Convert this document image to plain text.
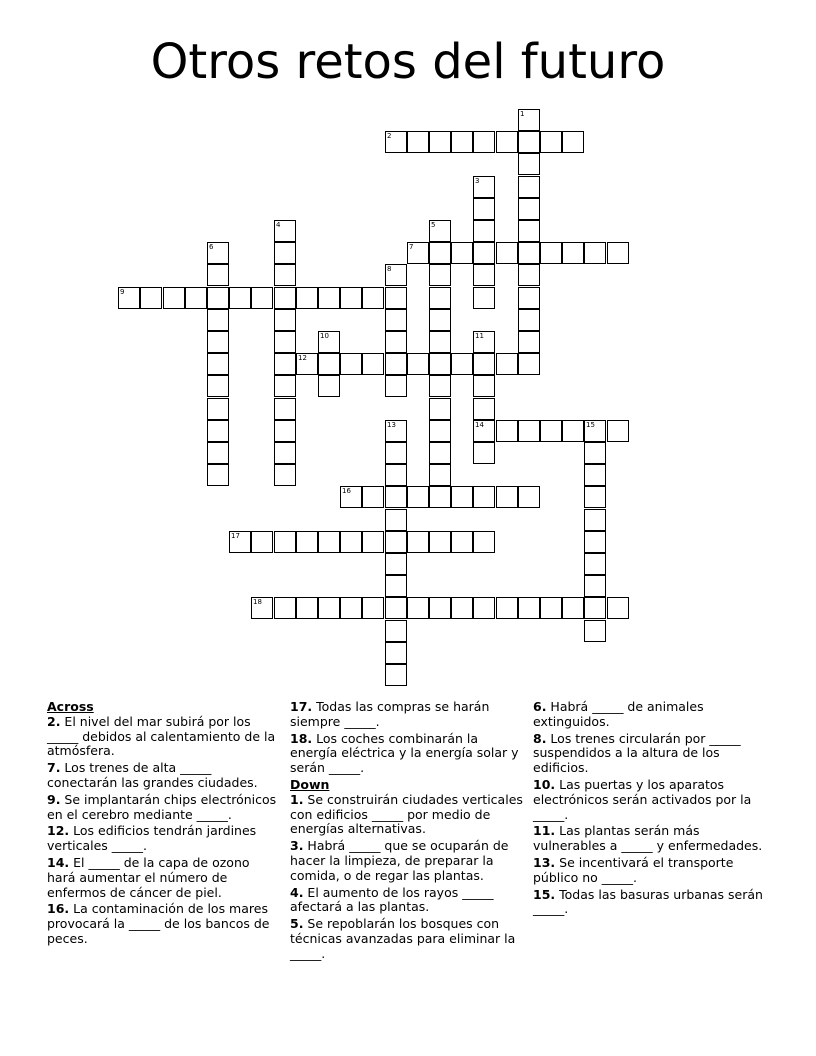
Otros retos del futuro
1
2
3
4	5
6	7
8
9
10	11
14
12
13	15
16
17
18

Across

2. El nivel del mar subirá por los _____ debidos al calentamiento de la atmósfera.

7. Los trenes de alta _____ conectarán las grandes ciudades.

9. Se implantarán chips electrónicos en el cerebro mediante _____.

12. Los edificios tendrán jardines verticales _____.

14. El _____ de la capa de ozono hará aumentar el número de enfermos de cáncer de piel.

16. La contaminación de los mares provocará la _____ de los bancos de peces.

17. Todas las compras se harán siempre _____.

18. Los coches combinarán la energía eléctrica y la energía solar y serán _____.

Down

1. Se construirán ciudades verticales con edificios _____ por medio de energías alternativas.

3. Habrá _____ que se ocuparán de hacer la limpieza, de preparar la comida, o de regar las plantas.

4. El aumento de los rayos _____ afectará a las plantas.

5. Se repoblarán los bosques con técnicas avanzadas para eliminar la _____.

6. Habrá _____ de animales extinguidos.

8. Los trenes circularán por _____ suspendidos a la altura de los edificios.

10. Las puertas y los aparatos electrónicos serán activados por la _____.

11. Las plantas serán más vulnerables a _____ y enfermedades.

13. Se incentivará el transporte público no _____.

15. Todas las basuras urbanas serán _____.
